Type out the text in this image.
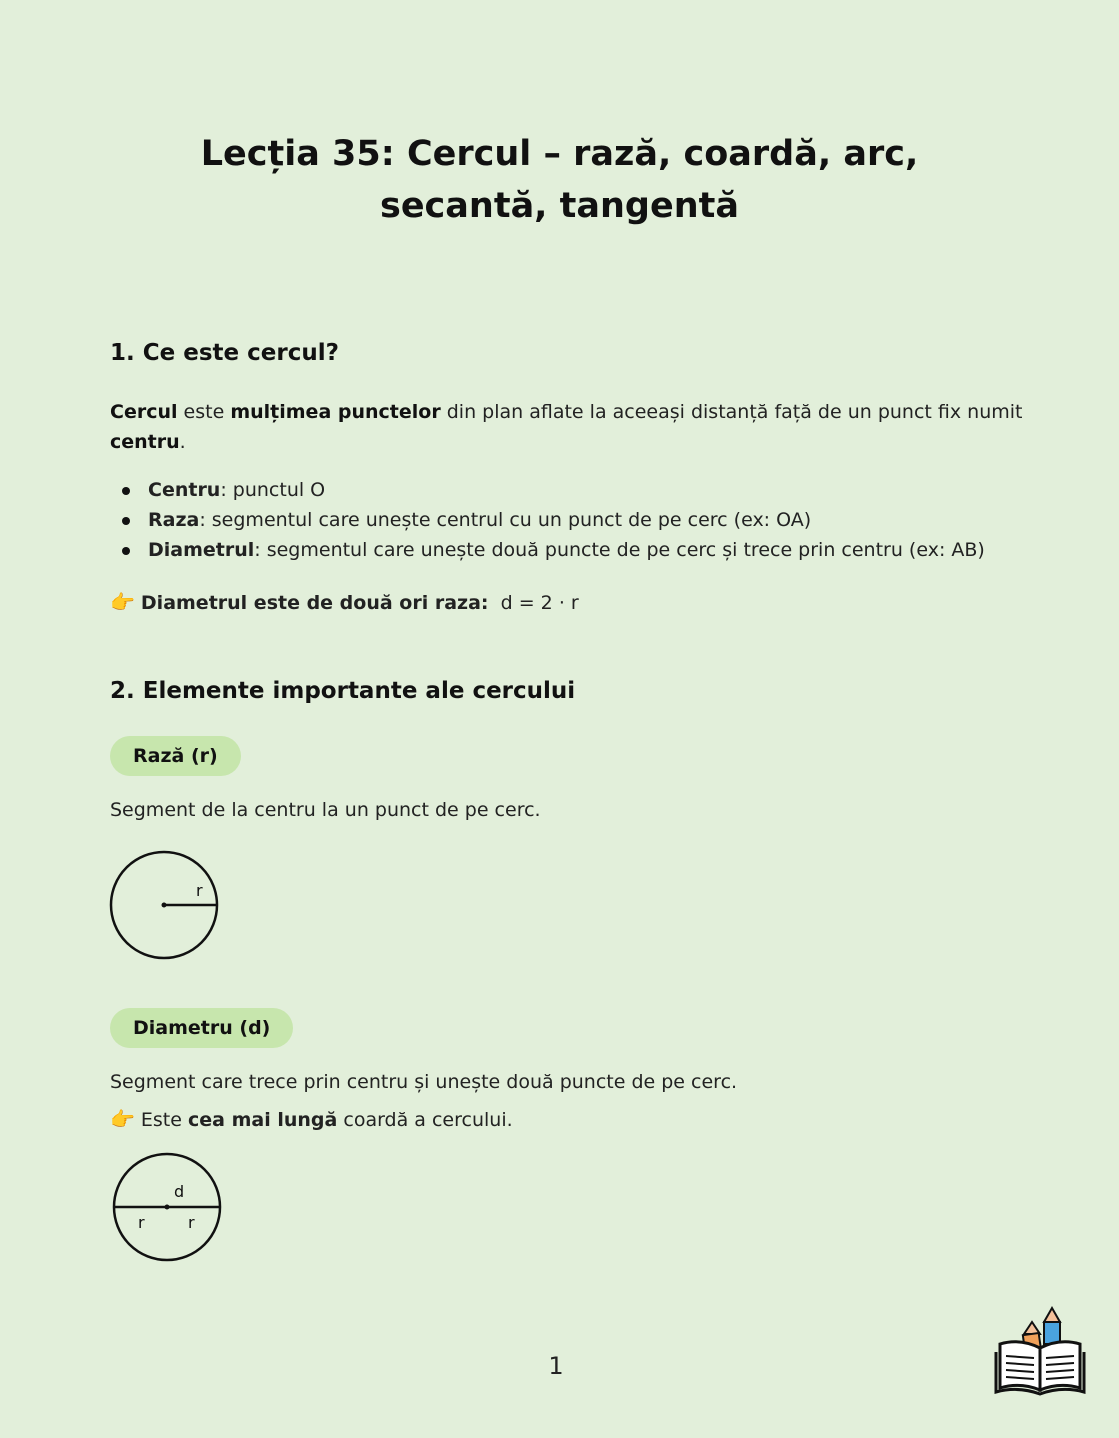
Lecția 35: Cercul – rază, coardă, arc,
secantă, tangentă
1. Ce este cercul?

Cercul este mulțimea punctelor din plan aflate la aceeași distanță față de un punct fix numit centru.

Centru: punctul O
Raza: segmentul care unește centrul cu un punct de pe cerc (ex: OA)
Diametrul: segmentul care unește două puncte de pe cerc și trece prin centru (ex: AB)
👉 Diametrul este de două ori raza: d = 2 · r
2. Elemente importante ale cercului
Rază (r)

Segment de la centru la un punct de pe cerc.

r
Diametru (d)

Segment care trece prin centru și unește două puncte de pe cerc.

👉 Este cea mai lungă coardă a cercului.
d
r	r
1
